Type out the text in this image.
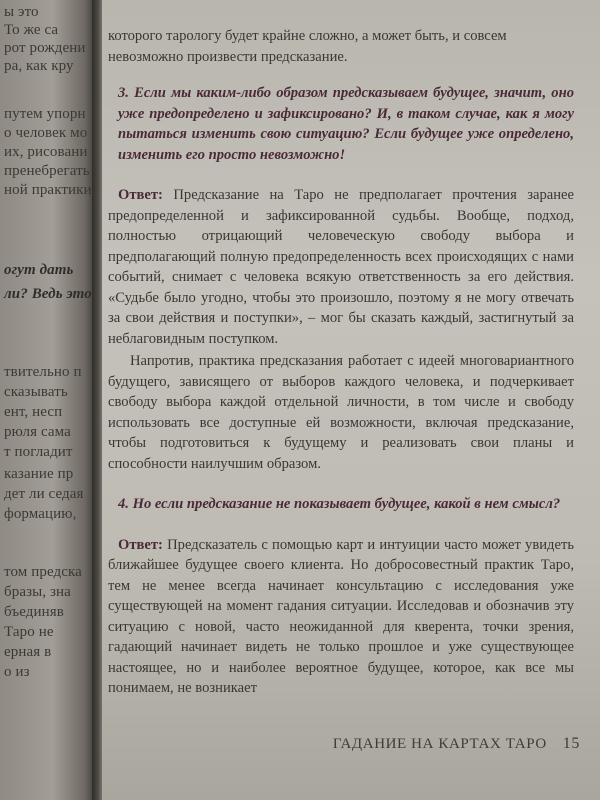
ы это
То же са
рот рождени
ра, как кру
путем упорн
о человек мо
их, рисовани
пренебрегать
ной практики
огут дать
ли? Ведь это
твительно п
сказывать
ент, несп
рюля сама
т погладит
казание пр
дет ли седая
формацию,
том предска
бразы, зна
бъединяв
Таро не
ерная в
о из

которого тарологу будет крайне сложно, а может быть, и совсем

невозможно произвести предсказание.

3. Если мы каким-либо образом предсказываем будущее, значит, оно уже предопределено и зафиксировано? И, в таком случае, как я могу пытаться изменить свою ситуацию? Если будущее уже определено, изменить его просто невозможно!

Ответ: Предсказание на Таро не предполагает прочтения заранее предопределенной и зафиксированной судьбы. Вообще, подход, полностью отрицающий человеческую свободу выбора и предполагающий полную предопределенность всех происходящих с нами событий, снимает с человека всякую ответственность за его действия. «Судьбе было угодно, чтобы это произошло, поэтому я не могу отвечать за свои действия и поступки», – мог бы сказать каждый, застигнутый за неблаговидным поступком.

Напротив, практика предсказания работает с идеей многовариантного будущего, зависящего от выборов каждого человека, и подчеркивает свободу выбора каждой отдельной личности, в том числе и свободу использовать все доступные ей возможности, включая предсказание, чтобы подготовиться к будущему и реализовать свои планы и способности наилучшим образом.

4. Но если предсказание не показывает будущее, какой в нем смысл?

Ответ: Предсказатель с помощью карт и интуиции часто может увидеть ближайшее будущее своего клиента. Но добросовестный практик Таро, тем не менее всегда начинает консультацию с исследования уже существующей на момент гадания ситуации. Исследовав и обозначив эту ситуацию с новой, часто неожиданной для кверента, точки зрения, гадающий начинает видеть не только прошлое и уже существующее настоящее, но и наиболее вероятное будущее, которое, как все мы понимаем, не возникает

ГАДАНИЕ НА КАРТАХ ТАРО 15
